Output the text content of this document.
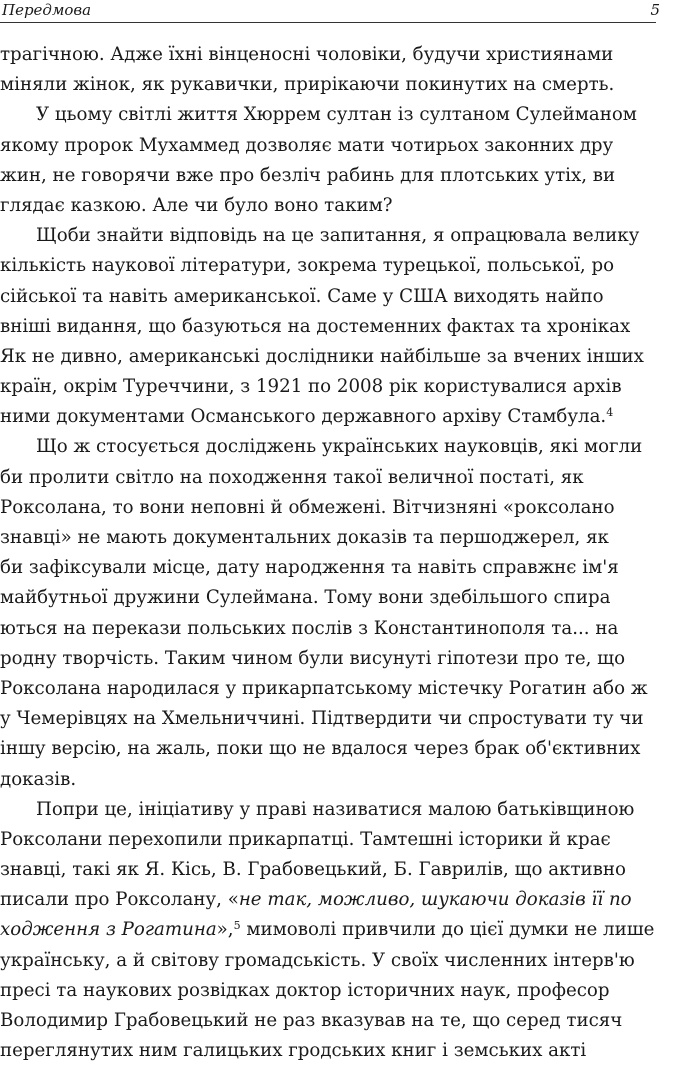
Передмова	5
трагічною. Адже їхні вінценосні чоловіки, будучи християнами
міняли жінок, як рукавички, прирікаючи покинутих на смерть.
У цьому світлі життя Хюррем султан із султаном Сулейманом
якому пророк Мухаммед дозволяє мати чотирьох законних дру
жин, не говорячи вже про безліч рабинь для плотських утіх, ви
глядає казкою. Але чи було воно таким?
Щоби знайти відповідь на це запитання, я опрацювала велику
кількість наукової літератури, зокрема турецької, польської, ро
сійської та навіть американської. Саме у США виходять найпо
вніші видання, що базуються на достеменних фактах та хроніках
Як не дивно, американські дослідники найбільше за вчених іншиx
країн, окрім Туреччини, з 1921 по 2008 рік користувалися архів
ними документами Османського державного архіву Стамбула.$^4$
Що ж стосується досліджень українських науковців, які могли
би пролити світло на походження такої величної постаті, як
Роксолана, то вони неповні й обмежені. Вітчизняні «роксолано
знавці» не мають документальних доказів та першоджерел, як
би зафіксували місце, дату народження та навіть справжнє ім'я
майбутньої дружини Сулеймана. Тому вони здебільшого спира
ються на перекази польських послів з Константинополя та... на
родну творчість. Таким чином були висунуті гіпотези про те, що
Роксолана народилася у прикарпатському містечку Рогатин або ж
у Чемерівцях на Хмельниччині. Підтвердити чи спростувати ту чи
іншу версію, на жаль, поки що не вдалося через брак об'єктивних
доказів.
Попри це, ініціативу у праві називатися малою батьківщиною
Роксолани перехопили прикарпатці. Тамтешні історики й крає
знавці, такі як Я. Кісь, В. Грабовецький, Б. Гаврилів, що активно
писали про Роксолану, «не так, можливо, шукаючи доказів її по
ходження з Рогатина»,$^5$ мимоволі привчили до цієї думки не лише
українську, а й світову громадськість. У своїх численних інтерв'ю
пресі та наукових розвідках доктор історичних наук, професор
Володимир Грабовецький не раз вказував на те, що серед тисяч
переглянутих ним галицьких гродських книг і земських акті
